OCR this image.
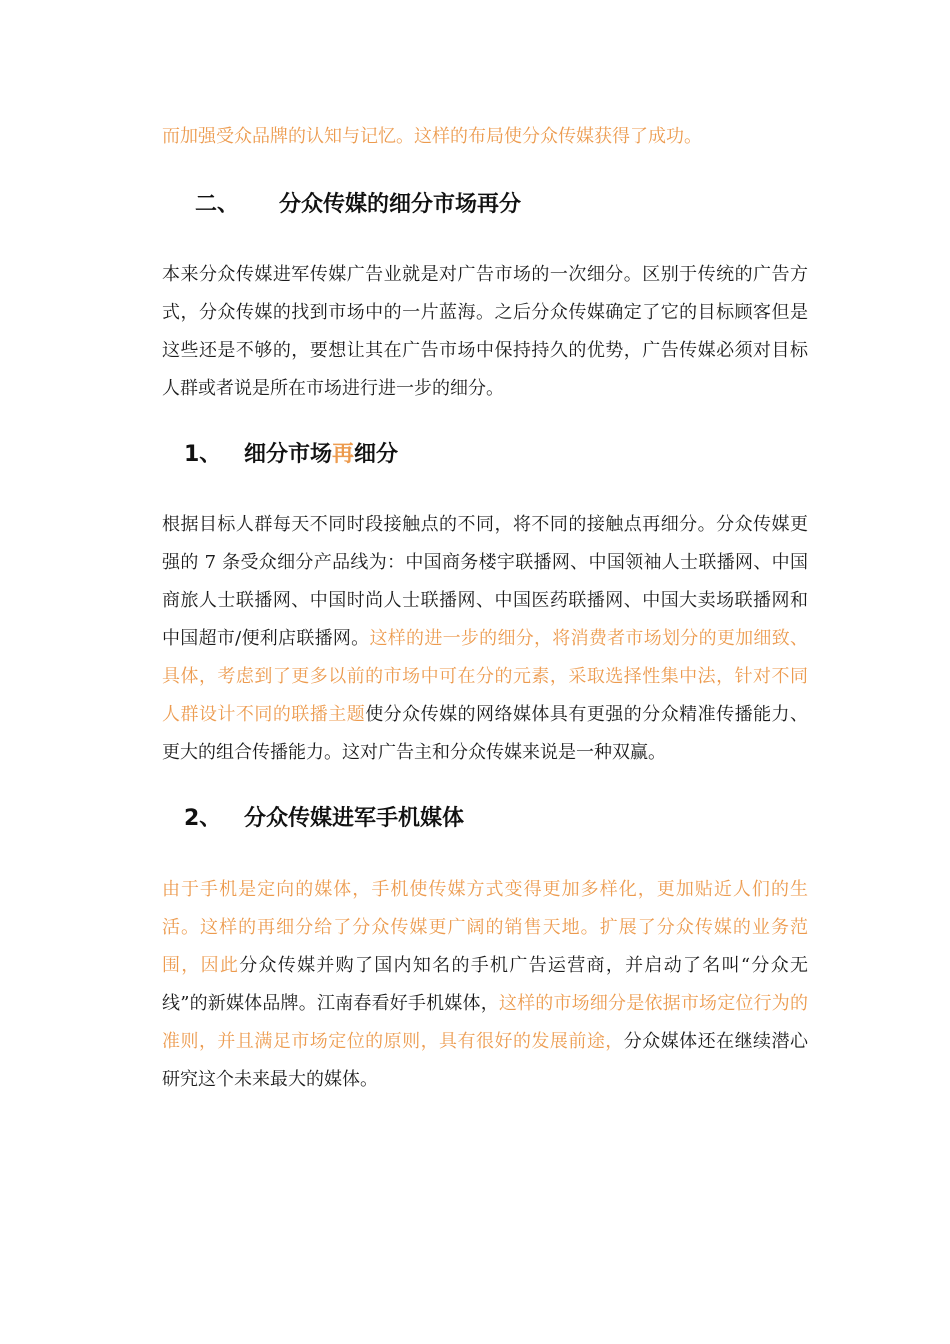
而加强受众品牌的认知与记忆。这样的布局使分众传媒获得了成功。

二、 分众传媒的细分市场再分

本来分众传媒进军传媒广告业就是对广告市场的一次细分。区别于传统的广告方式，分众传媒的找到市场中的一片蓝海。之后分众传媒确定了它的目标顾客但是这些还是不够的，要想让其在广告市场中保持持久的优势，广告传媒必须对目标人群或者说是所在市场进行进一步的细分。

1、 细分市场再细分

根据目标人群每天不同时段接触点的不同，将不同的接触点再细分。分众传媒更强的 7 条受众细分产品线为：中国商务楼宇联播网、中国领袖人士联播网、中国商旅人士联播网、中国时尚人士联播网、中国医药联播网、中国大卖场联播网和中国超市/便利店联播网。这样的进一步的细分，将消费者市场划分的更加细致、具体，考虑到了更多以前的市场中可在分的元素，采取选择性集中法，针对不同人群设计不同的联播主题使分众传媒的网络媒体具有更强的分众精准传播能力、更大的组合传播能力。这对广告主和分众传媒来说是一种双赢。

2、 分众传媒进军手机媒体

由于手机是定向的媒体，手机使传媒方式变得更加多样化，更加贴近人们的生活。这样的再细分给了分众传媒更广阔的销售天地。扩展了分众传媒的业务范围，因此分众传媒并购了国内知名的手机广告运营商，并启动了名叫“分众无线”的新媒体品牌。江南春看好手机媒体，这样的市场细分是依据市场定位行为的准则，并且满足市场定位的原则，具有很好的发展前途，分众媒体还在继续潜心研究这个未来最大的媒体。
